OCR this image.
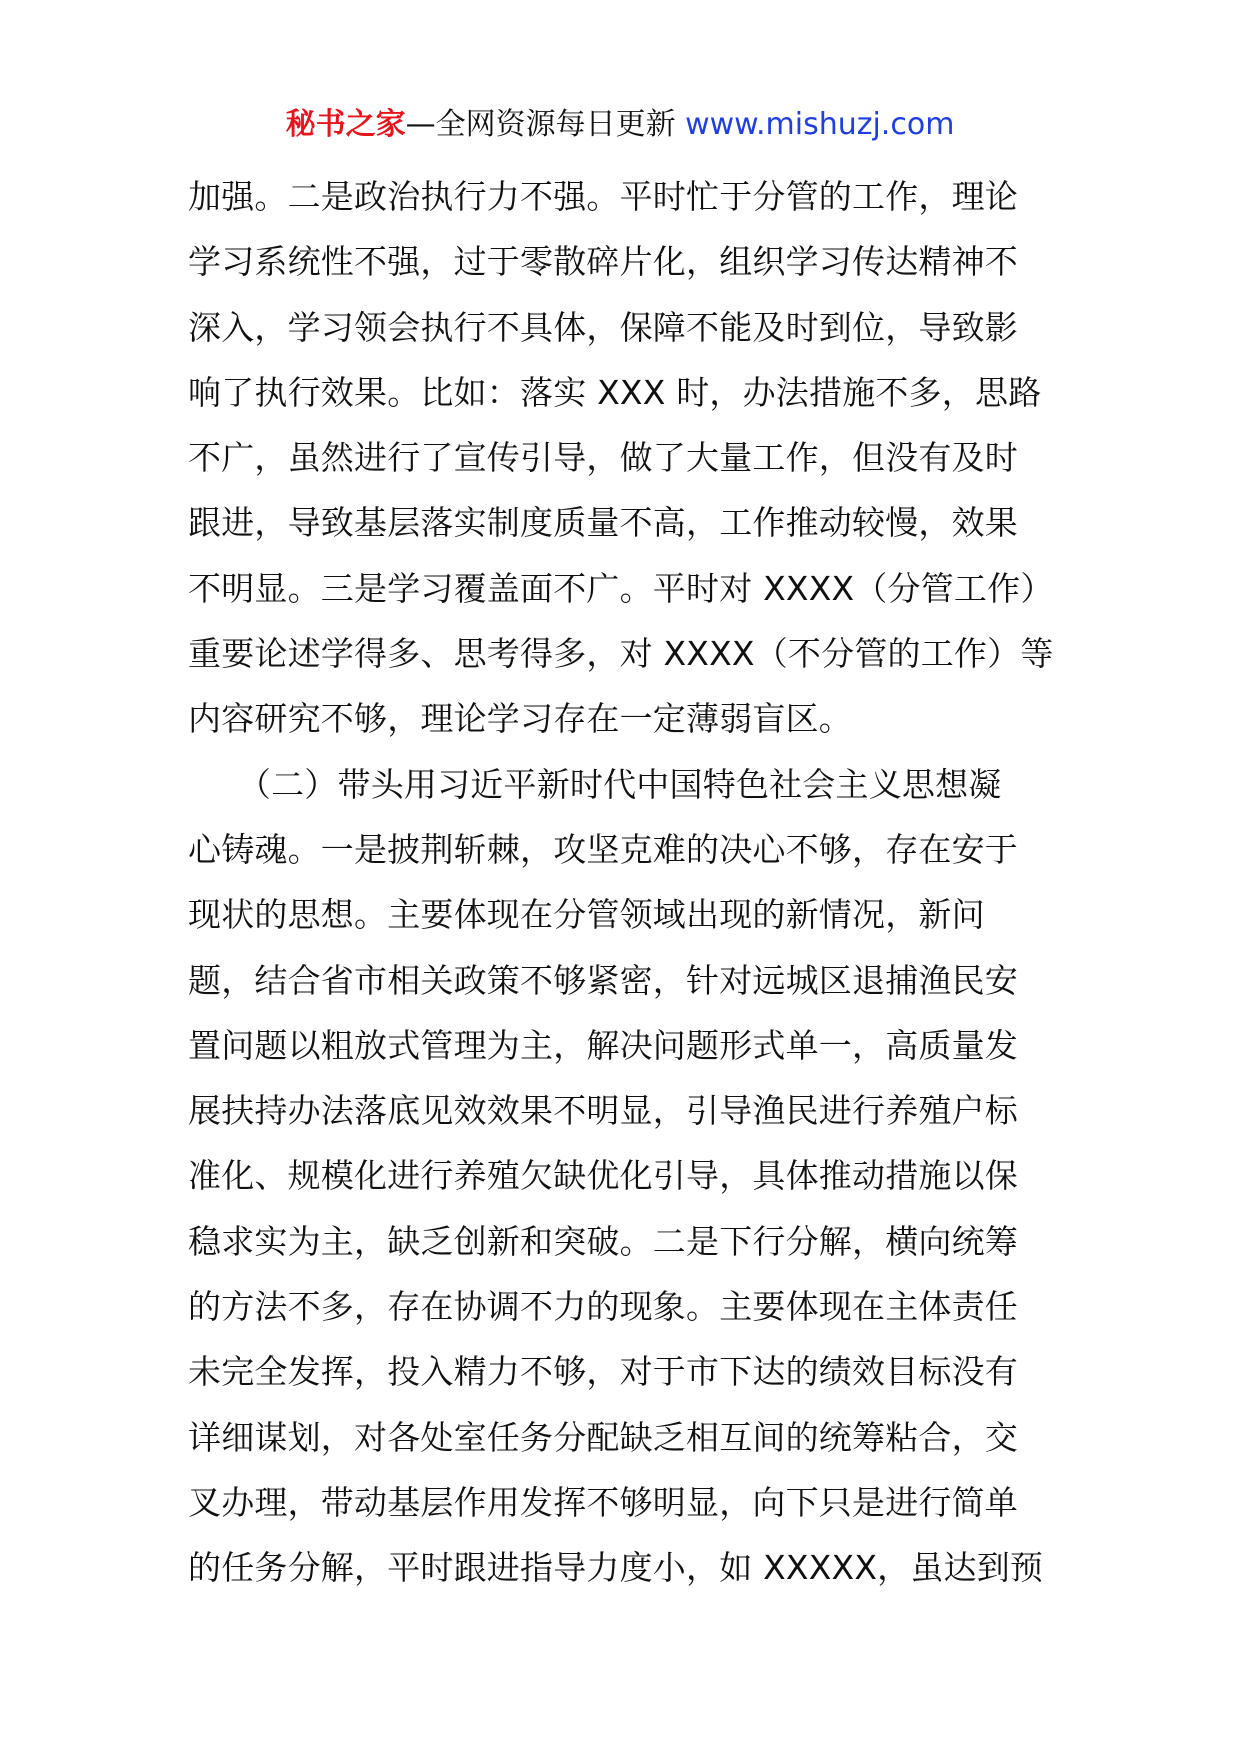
秘书之家—全网资源每日更新 www.mishuzj.com
加强。二是政治执行力不强。平时忙于分管的工作，理论
学习系统性不强，过于零散碎片化，组织学习传达精神不
深入，学习领会执行不具体，保障不能及时到位，导致影
响了执行效果。比如：落实 XXX 时，办法措施不多，思路
不广，虽然进行了宣传引导，做了大量工作，但没有及时
跟进，导致基层落实制度质量不高，工作推动较慢，效果
不明显。三是学习覆盖面不广。平时对 XXXX（分管工作）
重要论述学得多、思考得多，对 XXXX（不分管的工作）等
内容研究不够，理论学习存在一定薄弱盲区。
　　（二）带头用习近平新时代中国特色社会主义思想凝
心铸魂。一是披荆斩棘，攻坚克难的决心不够，存在安于
现状的思想。主要体现在分管领域出现的新情况，新问
题，结合省市相关政策不够紧密，针对远城区退捕渔民安
置问题以粗放式管理为主，解决问题形式单一，高质量发
展扶持办法落底见效效果不明显，引导渔民进行养殖户标
准化、规模化进行养殖欠缺优化引导，具体推动措施以保
稳求实为主，缺乏创新和突破。二是下行分解，横向统筹
的方法不多，存在协调不力的现象。主要体现在主体责任
未完全发挥，投入精力不够，对于市下达的绩效目标没有
详细谋划，对各处室任务分配缺乏相互间的统筹粘合，交
叉办理，带动基层作用发挥不够明显，向下只是进行简单
的任务分解，平时跟进指导力度小，如 XXXXX，虽达到预
